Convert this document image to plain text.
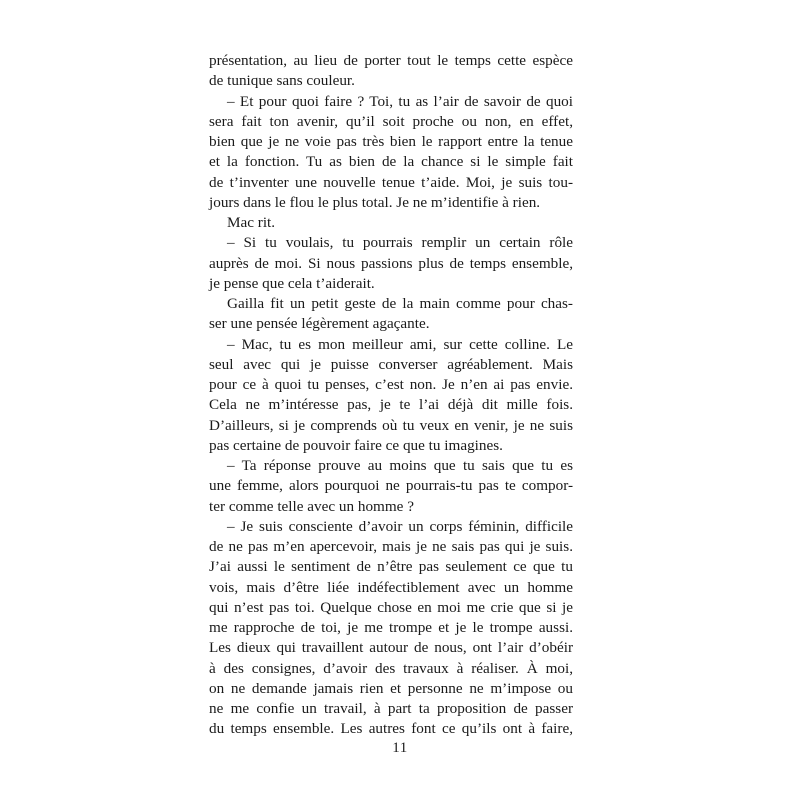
présentation, au lieu de porter tout le temps cette espèce
de tunique sans couleur.
– Et pour quoi faire ? Toi, tu as l’air de savoir de quoi
sera fait ton avenir, qu’il soit proche ou non, en effet,
bien que je ne voie pas très bien le rapport entre la tenue
et la fonction. Tu as bien de la chance si le simple fait
de t’inventer une nouvelle tenue t’aide. Moi, je suis tou-
jours dans le flou le plus total. Je ne m’identifie à rien.
Mac rit.
– Si tu voulais, tu pourrais remplir un certain rôle
auprès de moi. Si nous passions plus de temps ensemble,
je pense que cela t’aiderait.
Gailla fit un petit geste de la main comme pour chas-
ser une pensée légèrement agaçante.
– Mac, tu es mon meilleur ami, sur cette colline. Le
seul avec qui je puisse converser agréablement. Mais
pour ce à quoi tu penses, c’est non. Je n’en ai pas envie.
Cela ne m’intéresse pas, je te l’ai déjà dit mille fois.
D’ailleurs, si je comprends où tu veux en venir, je ne suis
pas certaine de pouvoir faire ce que tu imagines.
– Ta réponse prouve au moins que tu sais que tu es
une femme, alors pourquoi ne pourrais-tu pas te compor-
ter comme telle avec un homme ?
– Je suis consciente d’avoir un corps féminin, difficile
de ne pas m’en apercevoir, mais je ne sais pas qui je suis.
J’ai aussi le sentiment de n’être pas seulement ce que tu
vois, mais d’être liée indéfectiblement avec un homme
qui n’est pas toi. Quelque chose en moi me crie que si je
me rapproche de toi, je me trompe et je le trompe aussi.
Les dieux qui travaillent autour de nous, ont l’air d’obéir
à des consignes, d’avoir des travaux à réaliser. À moi,
on ne demande jamais rien et personne ne m’impose ou
ne me confie un travail, à part ta proposition de passer
du temps ensemble. Les autres font ce qu’ils ont à faire,
11
